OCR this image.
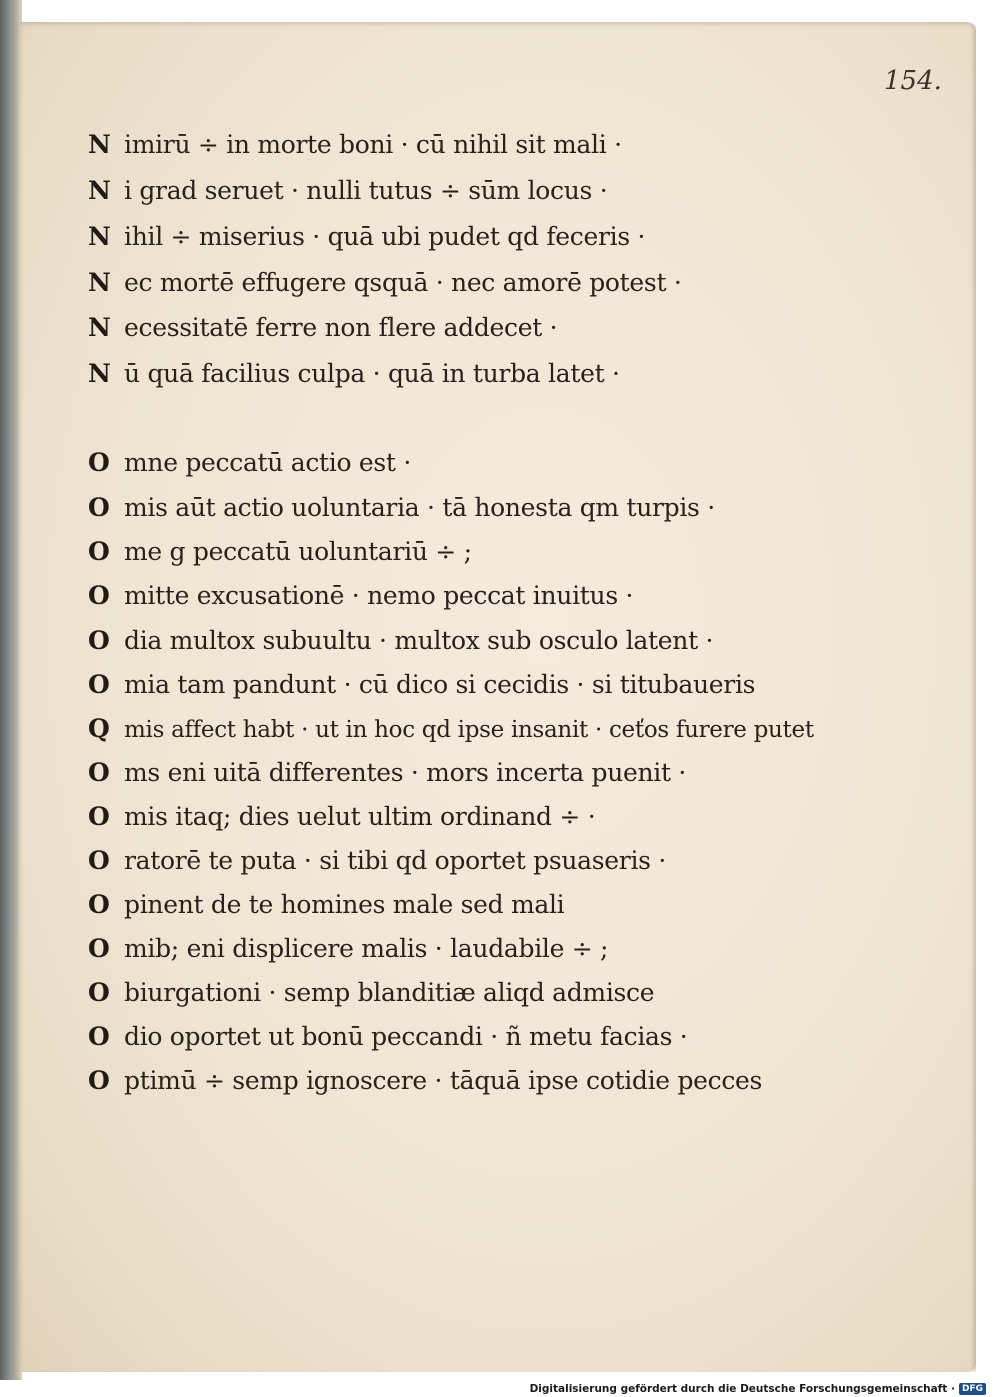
154.
N imirū ÷ in morte boni · cū nihil sit mali ·
N i grad seruet · nulli tutus ÷ sūm locus ·
N ihil ÷ miserius · quā ubi pudet qd feceris ·
N ec mortē effugere qsquā · nec amorē potest ·
N ecessitatē ferre non flere addecet ·
N ū quā facilius culpa · quā in turba latet ·
O mne peccatū actio est ·
O mis aūt actio uoluntaria · tā honesta qm turpis ·
O me g peccatū uoluntariū ÷ ;
O mitte excusationē · nemo peccat inuitus ·
O dia multox subuultu · multox sub osculo latent ·
O mia tam pandunt · cū dico si cecidis · si titubaueris
Q mis affect habt · ut in hoc qd ipse insanit · ceťos furere putet
O ms eni uitā differentes · mors incerta puenit ·
O mis itaq; dies uelut ultim ordinand ÷ ·
O ratorē te puta · si tibi qd oportet psuaseris ·
O pinent de te homines male sed mali
O mib; eni displicere malis · laudabile ÷ ;
O biurgationi · semp blanditiæ aliqd admisce
O dio oportet ut bonū peccandi · ñ metu facias ·
O ptimū ÷ semp ignoscere · tāquā ipse cotidie pecces
Digitalisierung gefördert durch die Deutsche Forschungsgemeinschaft · DFG
